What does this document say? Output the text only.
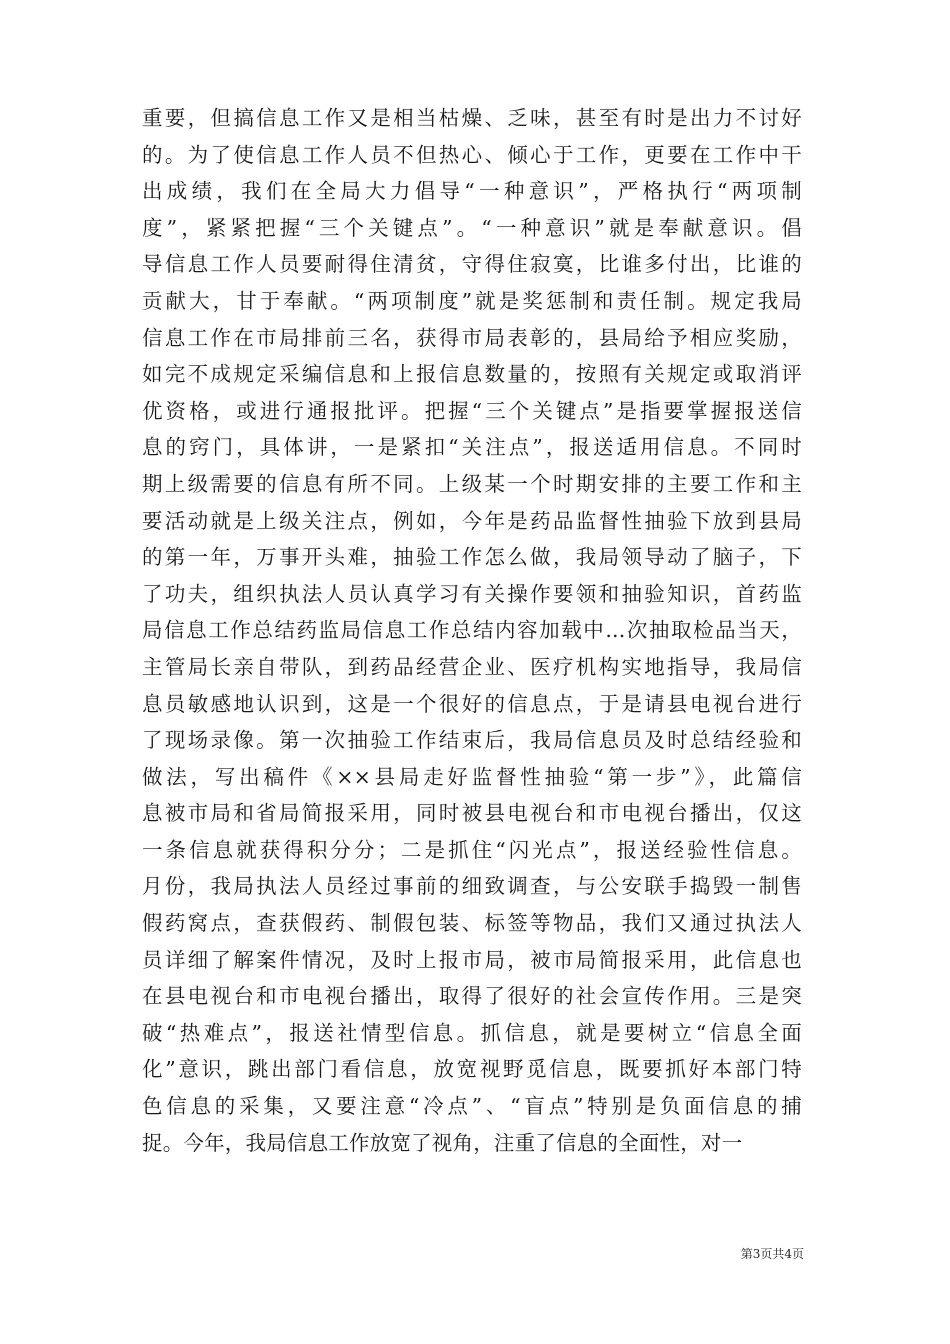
重要，但搞信息工作又是相当枯燥、乏味，甚至有时是出力不讨好
的。为了使信息工作人员不但热心、倾心于工作，更要在工作中干
出成绩，我们在全局大力倡导“一种意识”，严格执行“两项制
度”，紧紧把握“三个关键点”。“一种意识”就是奉献意识。倡
导信息工作人员要耐得住清贫，守得住寂寞，比谁多付出，比谁的
贡献大，甘于奉献。“两项制度”就是奖惩制和责任制。规定我局
信息工作在市局排前三名，获得市局表彰的，县局给予相应奖励，
如完不成规定采编信息和上报信息数量的，按照有关规定或取消评
优资格，或进行通报批评。把握“三个关键点”是指要掌握报送信
息的窍门，具体讲，一是紧扣“关注点”，报送适用信息。不同时
期上级需要的信息有所不同。上级某一个时期安排的主要工作和主
要活动就是上级关注点，例如，今年是药品监督性抽验下放到县局
的第一年，万事开头难，抽验工作怎么做，我局领导动了脑子，下
了功夫，组织执法人员认真学习有关操作要领和抽验知识，首药监
局信息工作总结药监局信息工作总结内容加载中...次抽取检品当天，
主管局长亲自带队，到药品经营企业、医疗机构实地指导，我局信
息员敏感地认识到，这是一个很好的信息点，于是请县电视台进行
了现场录像。第一次抽验工作结束后，我局信息员及时总结经验和
做法，写出稿件《××县局走好监督性抽验“第一步”》，此篇信
息被市局和省局简报采用，同时被县电视台和市电视台播出，仅这
一条信息就获得积分分；二是抓住“闪光点”，报送经验性信息。
月份，我局执法人员经过事前的细致调查，与公安联手捣毁一制售
假药窝点，查获假药、制假包装、标签等物品，我们又通过执法人
员详细了解案件情况，及时上报市局，被市局简报采用，此信息也
在县电视台和市电视台播出，取得了很好的社会宣传作用。三是突
破“热难点”，报送社情型信息。抓信息，就是要树立“信息全面
化”意识，跳出部门看信息，放宽视野觅信息，既要抓好本部门特
色信息的采集，又要注意“冷点”、“盲点”特别是负面信息的捕
捉。今年，我局信息工作放宽了视角，注重了信息的全面性，对一
第3页共4页
